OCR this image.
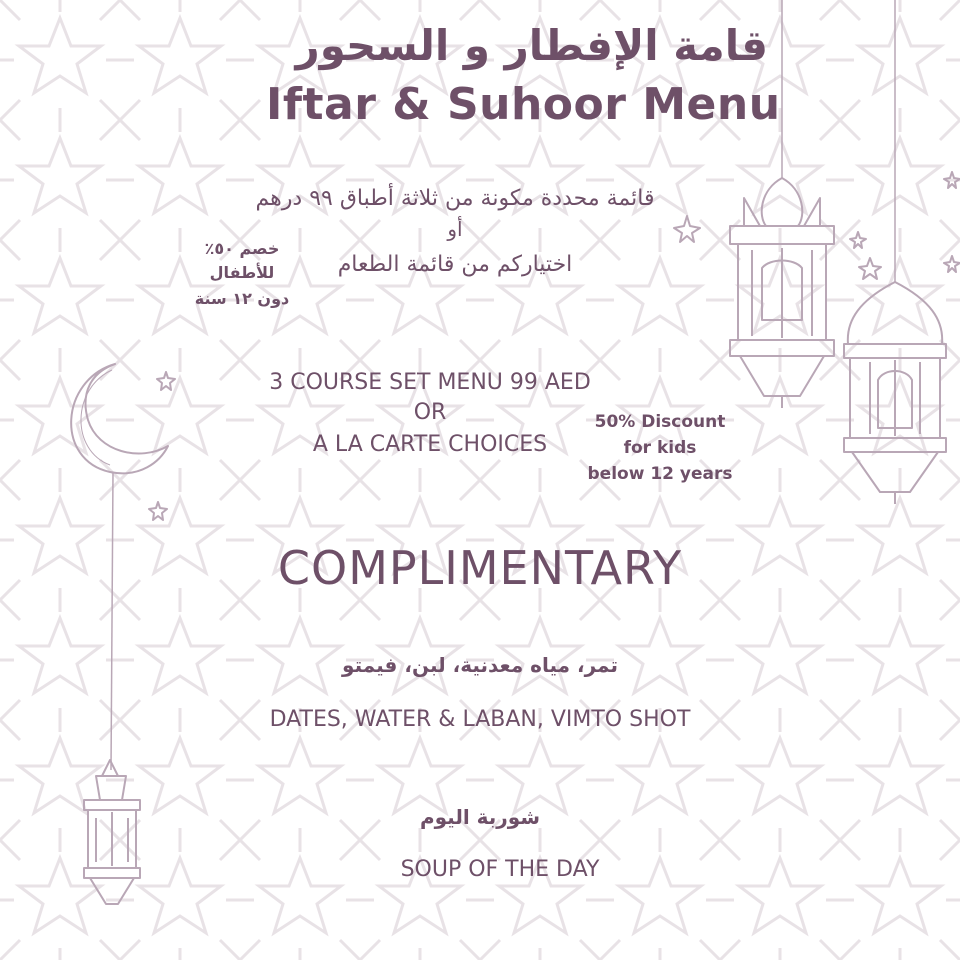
قامة الإفطار و السحور
Iftar & Suhoor Menu
قائمة محددة مكونة من ثلاثة أطباق ٩٩ درهم
أو
اختياركم من قائمة الطعام
خصم ٥٠٪
للأطفال
دون ١٢ سنة
3 COURSE SET MENU 99 AED
OR
A LA CARTE CHOICES
50% Discount
for kids
below 12 years
COMPLIMENTARY
تمر، مياه معدنية، لبن، فيمتو
DATES, WATER & LABAN, VIMTO SHOT
شوربة اليوم
SOUP OF THE DAY
